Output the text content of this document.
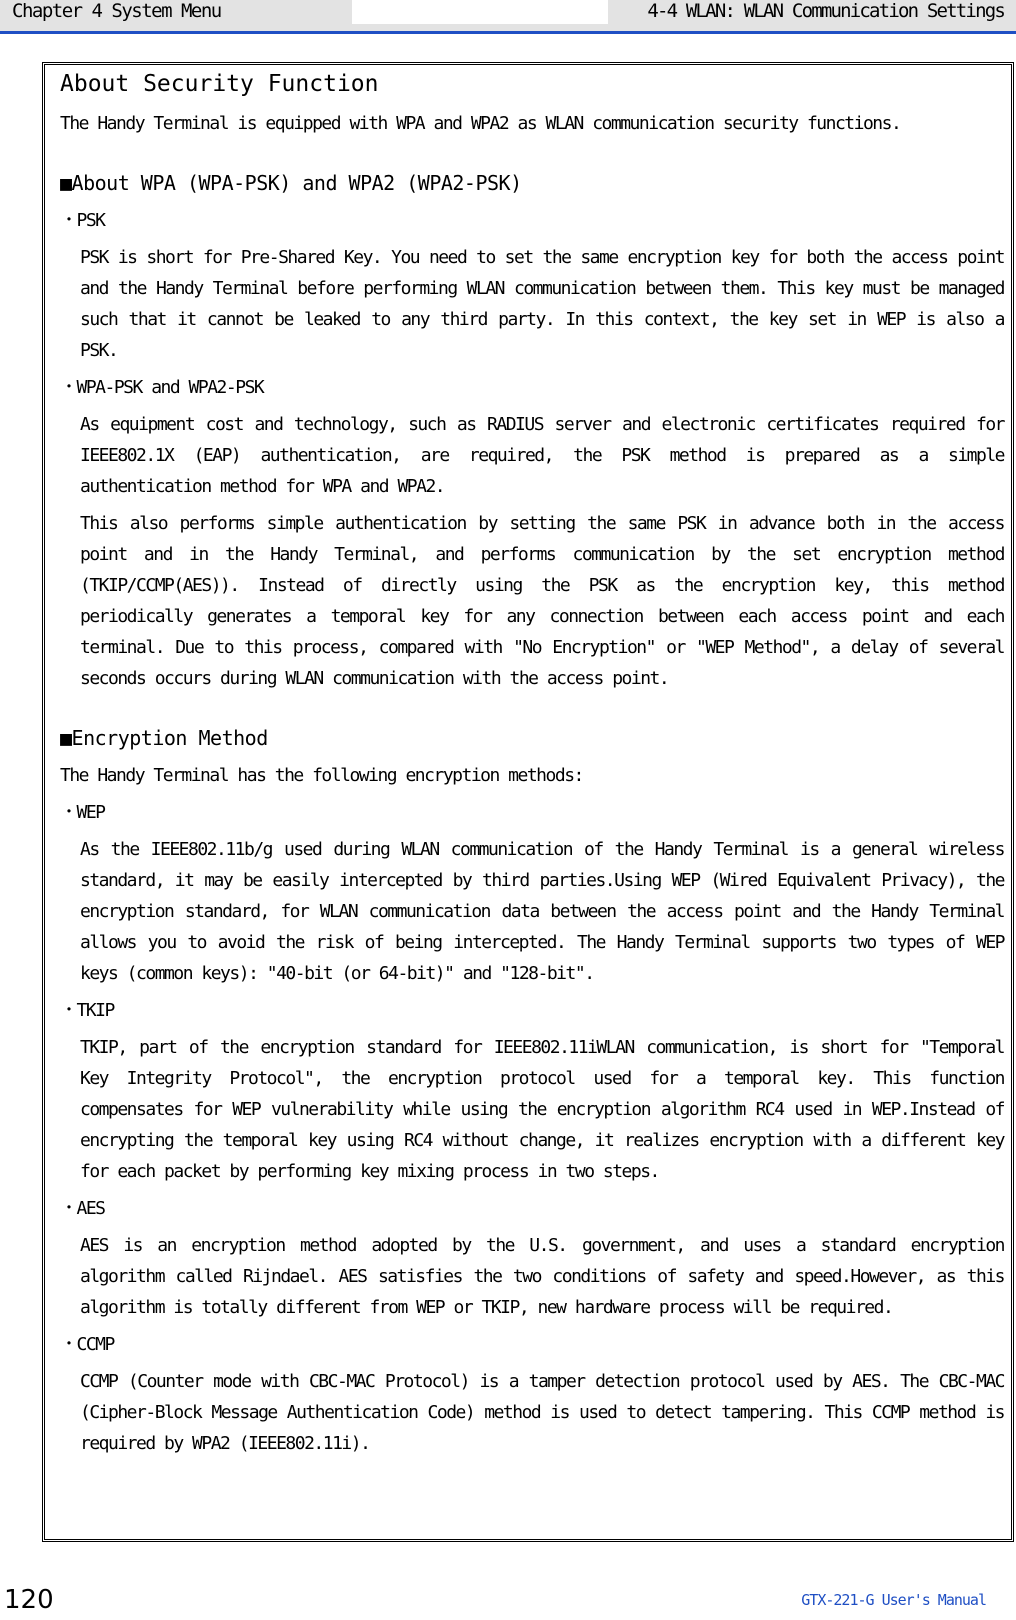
Chapter 4 System Menu	4-4 WLAN: WLAN Communication Settings

About Security Function

The Handy Terminal is equipped with WPA and WPA2 as WLAN communication security functions.

■About WPA (WPA-PSK) and WPA2 (WPA2-PSK)

・PSK

PSK is short for Pre-Shared Key. You need to set the same encryption key for both the access point and the Handy Terminal before performing WLAN communication between them. This key must be managed such that it cannot be leaked to any third party. In this context, the key set in WEP is also a PSK.

・WPA-PSK and WPA2-PSK

As equipment cost and technology, such as RADIUS server and electronic certificates required for IEEE802.1X (EAP) authentication, are required, the PSK method is prepared as a simple authentication method for WPA and WPA2.

This also performs simple authentication by setting the same PSK in advance both in the access point and in the Handy Terminal, and performs communication by the set encryption method (TKIP/CCMP(AES)). Instead of directly using the PSK as the encryption key, this method periodically generates a temporal key for any connection between each access point and each terminal. Due to this process, compared with "No Encryption" or "WEP Method", a delay of several seconds occurs during WLAN communication with the access point.

■Encryption Method

The Handy Terminal has the following encryption methods:

・WEP

As the IEEE802.11b/g used during WLAN communication of the Handy Terminal is a general wireless standard, it may be easily intercepted by third parties.Using WEP (Wired Equivalent Privacy), the encryption standard, for WLAN communication data between the access point and the Handy Terminal allows you to avoid the risk of being intercepted. The Handy Terminal supports two types of WEP keys (common keys): "40-bit (or 64-bit)" and "128-bit".

・TKIP

TKIP, part of the encryption standard for IEEE802.11iWLAN communication, is short for "Temporal Key Integrity Protocol", the encryption protocol used for a temporal key. This function compensates for WEP vulnerability while using the encryption algorithm RC4 used in WEP.Instead of encrypting the temporal key using RC4 without change, it realizes encryption with a different key for each packet by performing key mixing process in two steps.

・AES

AES is an encryption method adopted by the U.S. government, and uses a standard encryption algorithm called Rijndael. AES satisfies the two conditions of safety and speed.However, as this algorithm is totally different from WEP or TKIP, new hardware process will be required.

・CCMP

CCMP (Counter mode with CBC-MAC Protocol) is a tamper detection protocol used by AES. The CBC-MAC (Cipher-Block Message Authentication Code) method is used to detect tampering. This CCMP method is required by WPA2 (IEEE802.11i).

120	GTX-221-G User's Manual
